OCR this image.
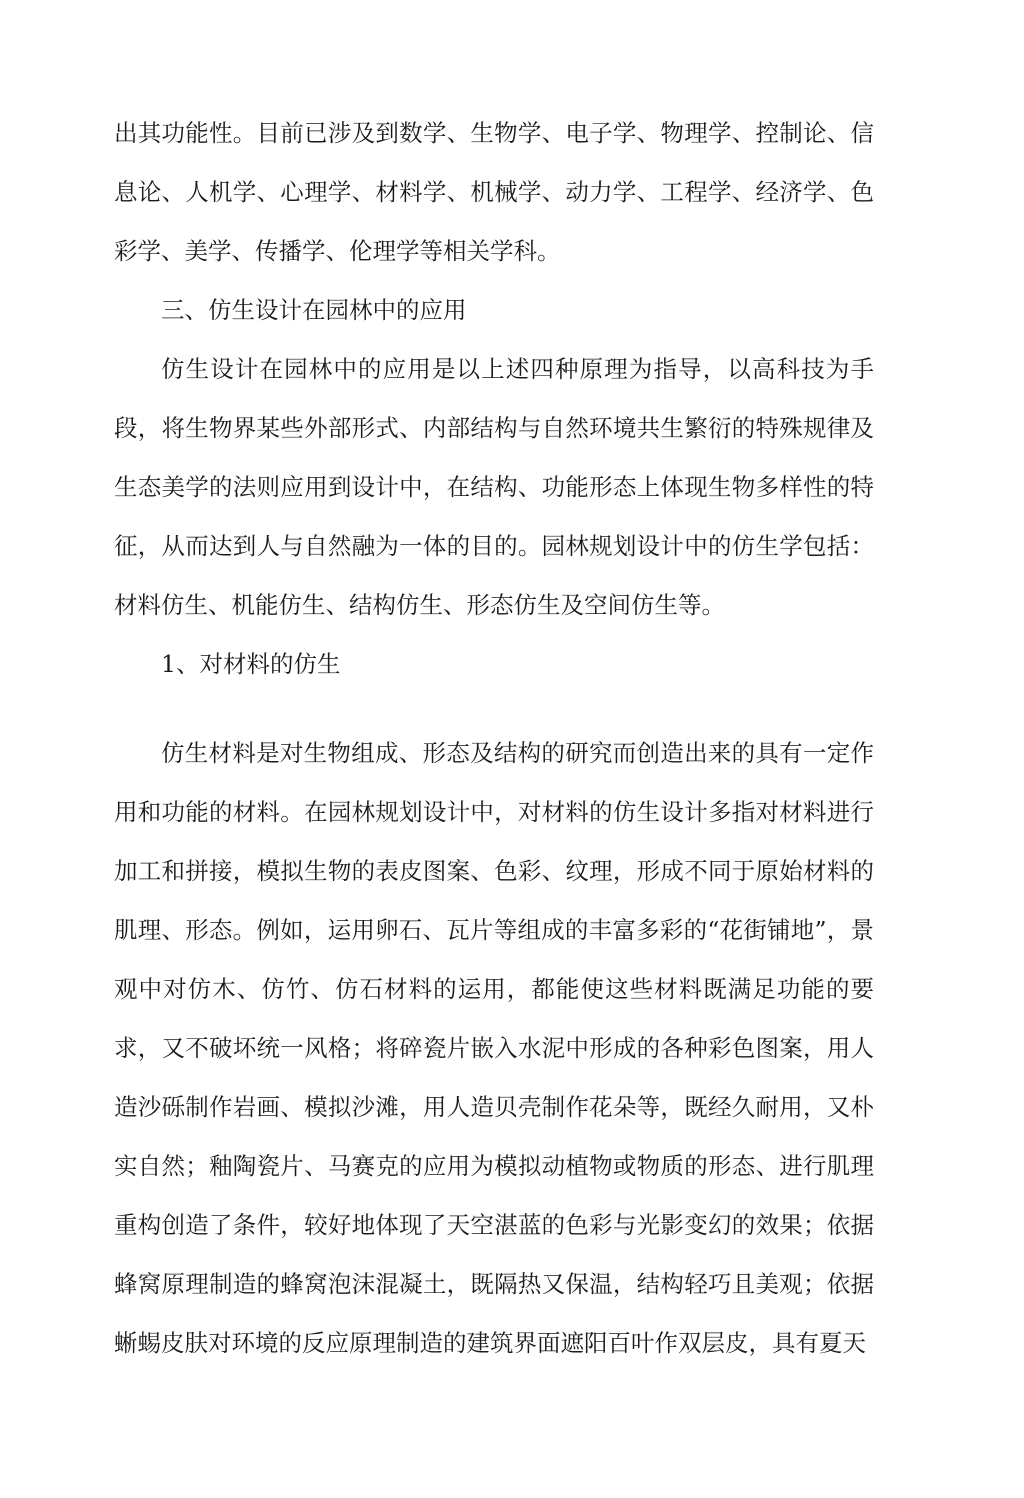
出其功能性。目前已涉及到数学、生物学、电子学、物理学、控制论、信息论、人机学、心理学、材料学、机械学、动力学、工程学、经济学、色彩学、美学、传播学、伦理学等相关学科。

三、仿生设计在园林中的应用

仿生设计在园林中的应用是以上述四种原理为指导，以高科技为手段，将生物界某些外部形式、内部结构与自然环境共生繁衍的特殊规律及生态美学的法则应用到设计中，在结构、功能形态上体现生物多样性的特征，从而达到人与自然融为一体的目的。园林规划设计中的仿生学包括：材料仿生、机能仿生、结构仿生、形态仿生及空间仿生等。

1、对材料的仿生

仿生材料是对生物组成、形态及结构的研究而创造出来的具有一定作用和功能的材料。在园林规划设计中，对材料的仿生设计多指对材料进行加工和拼接，模拟生物的表皮图案、色彩、纹理，形成不同于原始材料的肌理、形态。例如，运用卵石、瓦片等组成的丰富多彩的“花街铺地”，景观中对仿木、仿竹、仿石材料的运用，都能使这些材料既满足功能的要求，又不破坏统一风格；将碎瓷片嵌入水泥中形成的各种彩色图案，用人造沙砾制作岩画、模拟沙滩，用人造贝壳制作花朵等，既经久耐用，又朴实自然；釉陶瓷片、马赛克的应用为模拟动植物或物质的形态、进行肌理重构创造了条件，较好地体现了天空湛蓝的色彩与光影变幻的效果；依据蜂窝原理制造的蜂窝泡沫混凝土，既隔热又保温，结构轻巧且美观；依据蜥蜴皮肤对环境的反应原理制造的建筑界面遮阳百叶作双层皮，具有夏天
